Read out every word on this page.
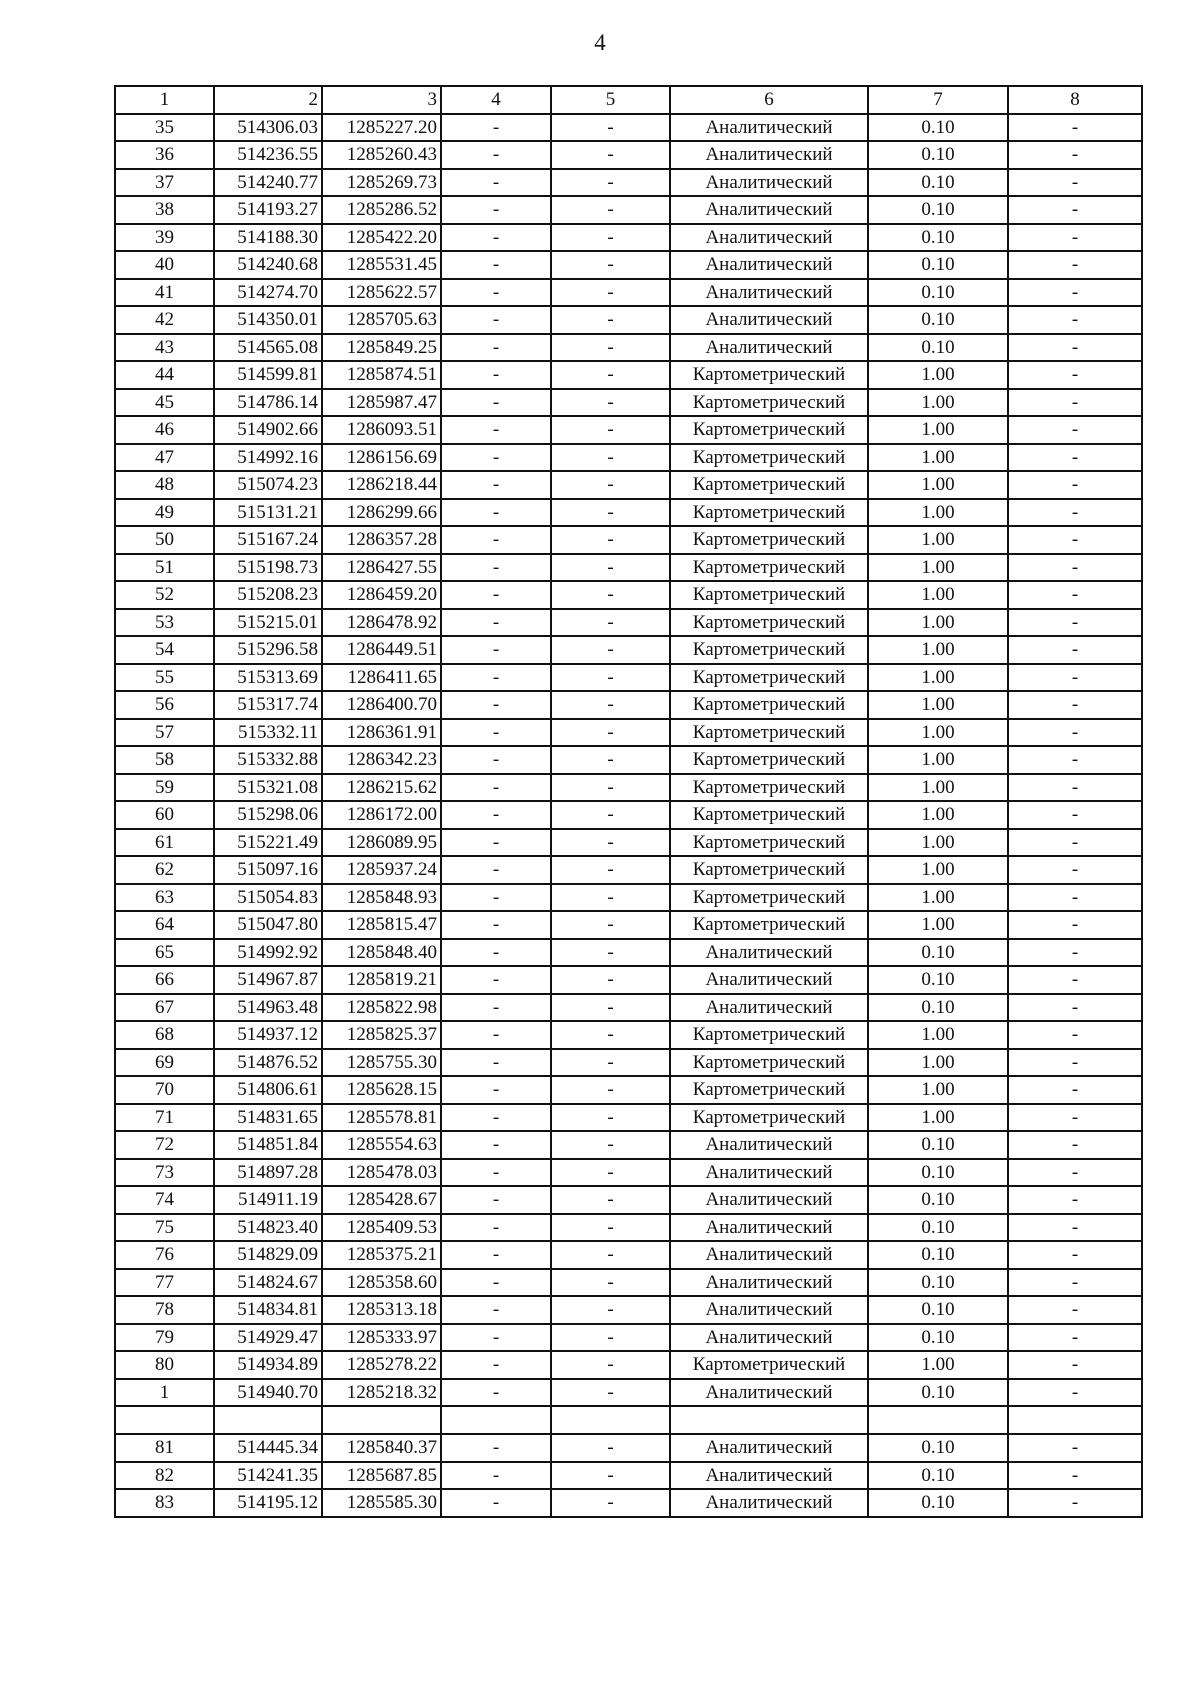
4
1	2	3	4	5	6	7	8
35	514306.03	1285227.20	-	-	Аналитический	0.10	-
36	514236.55	1285260.43	-	-	Аналитический	0.10	-
37	514240.77	1285269.73	-	-	Аналитический	0.10	-
38	514193.27	1285286.52	-	-	Аналитический	0.10	-
39	514188.30	1285422.20	-	-	Аналитический	0.10	-
40	514240.68	1285531.45	-	-	Аналитический	0.10	-
41	514274.70	1285622.57	-	-	Аналитический	0.10	-
42	514350.01	1285705.63	-	-	Аналитический	0.10	-
43	514565.08	1285849.25	-	-	Аналитический	0.10	-
44	514599.81	1285874.51	-	-	Картометрический	1.00	-
45	514786.14	1285987.47	-	-	Картометрический	1.00	-
46	514902.66	1286093.51	-	-	Картометрический	1.00	-
47	514992.16	1286156.69	-	-	Картометрический	1.00	-
48	515074.23	1286218.44	-	-	Картометрический	1.00	-
49	515131.21	1286299.66	-	-	Картометрический	1.00	-
50	515167.24	1286357.28	-	-	Картометрический	1.00	-
51	515198.73	1286427.55	-	-	Картометрический	1.00	-
52	515208.23	1286459.20	-	-	Картометрический	1.00	-
53	515215.01	1286478.92	-	-	Картометрический	1.00	-
54	515296.58	1286449.51	-	-	Картометрический	1.00	-
55	515313.69	1286411.65	-	-	Картометрический	1.00	-
56	515317.74	1286400.70	-	-	Картометрический	1.00	-
57	515332.11	1286361.91	-	-	Картометрический	1.00	-
58	515332.88	1286342.23	-	-	Картометрический	1.00	-
59	515321.08	1286215.62	-	-	Картометрический	1.00	-
60	515298.06	1286172.00	-	-	Картометрический	1.00	-
61	515221.49	1286089.95	-	-	Картометрический	1.00	-
62	515097.16	1285937.24	-	-	Картометрический	1.00	-
63	515054.83	1285848.93	-	-	Картометрический	1.00	-
64	515047.80	1285815.47	-	-	Картометрический	1.00	-
65	514992.92	1285848.40	-	-	Аналитический	0.10	-
66	514967.87	1285819.21	-	-	Аналитический	0.10	-
67	514963.48	1285822.98	-	-	Аналитический	0.10	-
68	514937.12	1285825.37	-	-	Картометрический	1.00	-
69	514876.52	1285755.30	-	-	Картометрический	1.00	-
70	514806.61	1285628.15	-	-	Картометрический	1.00	-
71	514831.65	1285578.81	-	-	Картометрический	1.00	-
72	514851.84	1285554.63	-	-	Аналитический	0.10	-
73	514897.28	1285478.03	-	-	Аналитический	0.10	-
74	514911.19	1285428.67	-	-	Аналитический	0.10	-
75	514823.40	1285409.53	-	-	Аналитический	0.10	-
76	514829.09	1285375.21	-	-	Аналитический	0.10	-
77	514824.67	1285358.60	-	-	Аналитический	0.10	-
78	514834.81	1285313.18	-	-	Аналитический	0.10	-
79	514929.47	1285333.97	-	-	Аналитический	0.10	-
80	514934.89	1285278.22	-	-	Картометрический	1.00	-
1	514940.70	1285218.32	-	-	Аналитический	0.10	-

81	514445.34	1285840.37	-	-	Аналитический	0.10	-
82	514241.35	1285687.85	-	-	Аналитический	0.10	-
83	514195.12	1285585.30	-	-	Аналитический	0.10	-
